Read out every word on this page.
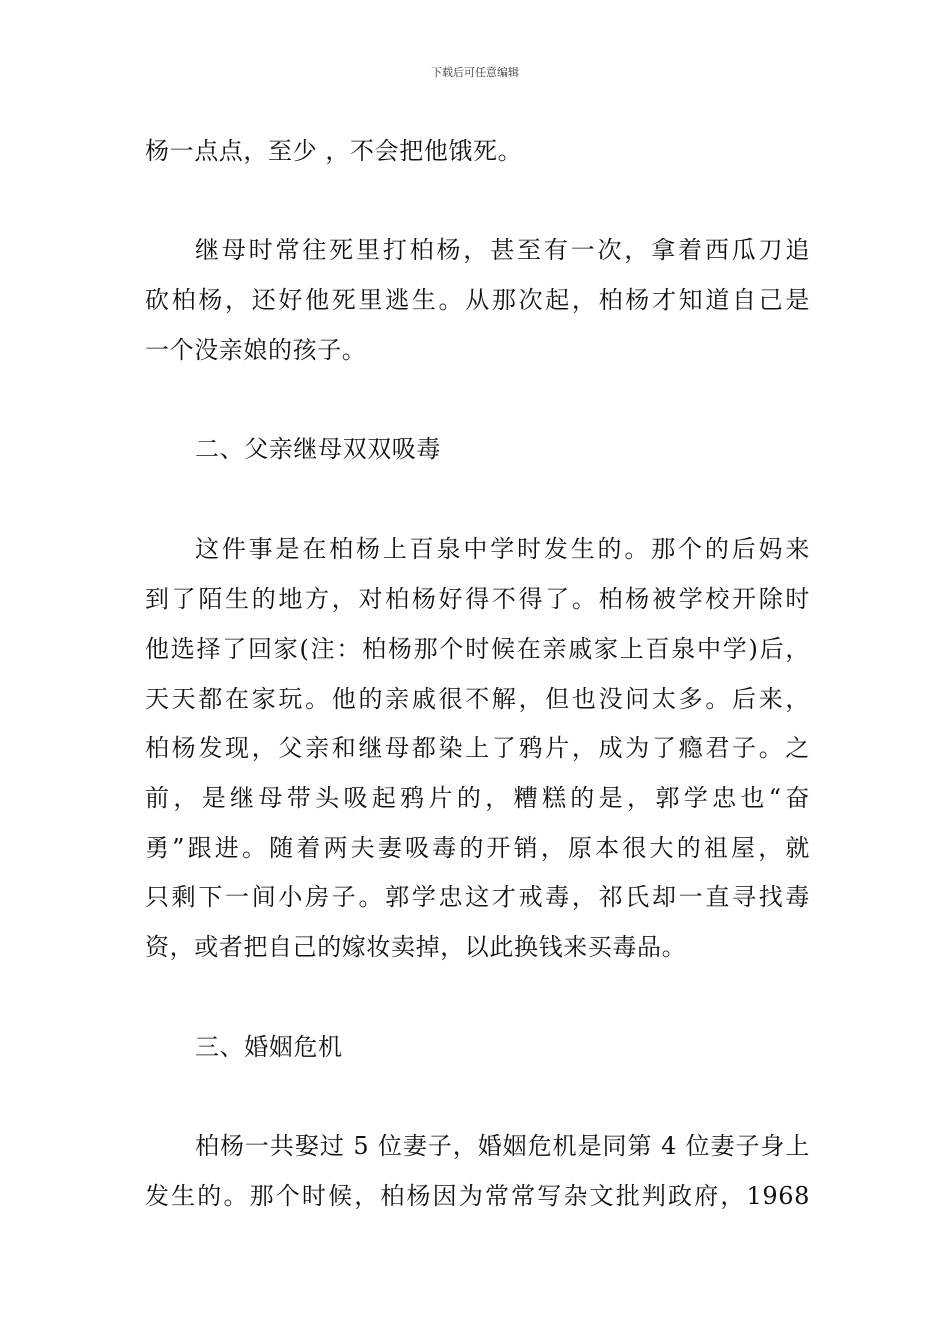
下载后可任意编辑
杨一点点，至少 ，不会把他饿死。
继母时常往死里打柏杨，甚至有一次，拿着西瓜刀追
砍柏杨，还好他死里逃生。从那次起，柏杨才知道自己是
一个没亲娘的孩子。
二、父亲继母双双吸毒
这件事是在柏杨上百泉中学时发生的。那个的后妈来
到了陌生的地方，对柏杨好得不得了。柏杨被学校开除时
他选择了回家(注：柏杨那个时候在亲戚家上百泉中学)后，
天天都在家玩。他的亲戚很不解，但也没问太多。后来，
柏杨发现，父亲和继母都染上了鸦片，成为了瘾君子。之
前，是继母带头吸起鸦片的，糟糕的是，郭学忠也“奋
勇”跟进。随着两夫妻吸毒的开销，原本很大的祖屋，就
只剩下一间小房子。郭学忠这才戒毒，祁氏却一直寻找毒
资，或者把自己的嫁妆卖掉，以此换钱来买毒品。
三、婚姻危机
柏杨一共娶过 5 位妻子，婚姻危机是同第 4 位妻子身上
发生的。那个时候，柏杨因为常常写杂文批判政府，1968
